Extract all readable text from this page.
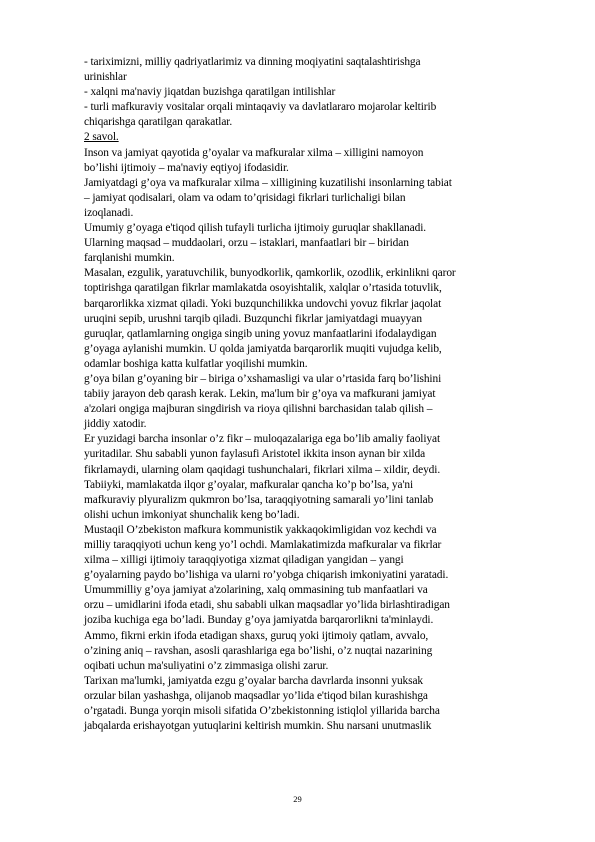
- tariximizni, milliy qadriyatlarimiz va dinning moqiyatini saqtalashtirishga
urinishlar
- xalqni ma'naviy jiqatdan buzishga qaratilgan intilishlar
- turli mafkuraviy vositalar orqali mintaqaviy va davlatlararo mojarolar keltirib
chiqarishga qaratilgan qarakatlar.
2 savol.
Inson va jamiyat qayotida g’oyalar va mafkuralar xilma – xilligini namoyon
bo’lishi ijtimoiy – ma'naviy eqtiyoj ifodasidir.
Jamiyatdagi g’oya va mafkuralar xilma – xilligining kuzatilishi insonlarning tabiat
– jamiyat qodisalari, olam va odam to’qrisidagi fikrlari turlichaligi bilan
izoqlanadi.
Umumiy g’oyaga e'tiqod qilish tufayli turlicha ijtimoiy guruqlar shakllanadi.
Ularning maqsad – muddaolari, orzu – istaklari, manfaatlari bir – biridan
farqlanishi mumkin.
Masalan, ezgulik, yaratuvchilik, bunyodkorlik, qamkorlik, ozodlik, erkinlikni qaror
toptirishga qaratilgan fikrlar mamlakatda osoyishtalik, xalqlar o’rtasida totuvlik,
barqarorlikka xizmat qiladi. Yoki buzqunchilikka undovchi yovuz fikrlar jaqolat
uruqini sepib, urushni tarqib qiladi. Buzqunchi fikrlar jamiyatdagi muayyan
guruqlar, qatlamlarning ongiga singib uning yovuz manfaatlarini ifodalaydigan
g’oyaga aylanishi mumkin. U qolda jamiyatda barqarorlik muqiti vujudga kelib,
odamlar boshiga katta kulfatlar yoqilishi mumkin.
g’oya bilan g’oyaning bir – biriga o’xshamasligi va ular o’rtasida farq bo’lishini
tabiiy jarayon deb qarash kerak. Lekin, ma'lum bir g’oya va mafkurani jamiyat
a'zolari ongiga majburan singdirish va rioya qilishni barchasidan talab qilish –
jiddiy xatodir.
Er yuzidagi barcha insonlar o’z fikr – muloqazalariga ega bo’lib amaliy faoliyat
yuritadilar. Shu sababli yunon faylasufi Aristotel ikkita inson aynan bir xilda
fikrlamaydi, ularning olam qaqidagi tushunchalari, fikrlari xilma – xildir, deydi.
Tabiiyki, mamlakatda ilqor g’oyalar, mafkuralar qancha ko’p bo’lsa, ya'ni
mafkuraviy plyuralizm qukmron bo’lsa, taraqqiyotning samarali yo’lini tanlab
olishi uchun imkoniyat shunchalik keng bo’ladi.
Mustaqil O’zbekiston mafkura kommunistik yakkaqokimligidan voz kechdi va
milliy taraqqiyoti uchun keng yo’l ochdi. Mamlakatimizda mafkuralar va fikrlar
xilma – xilligi ijtimoiy taraqqiyotiga xizmat qiladigan yangidan – yangi
g’oyalarning paydo bo’lishiga va ularni ro’yobga chiqarish imkoniyatini yaratadi.
Umummilliy g’oya jamiyat a'zolarining, xalq ommasining tub manfaatlari va
orzu – umidlarini ifoda etadi, shu sababli ulkan maqsadlar yo’lida birlashtiradigan
joziba kuchiga ega bo’ladi. Bunday g’oya jamiyatda barqarorlikni ta'minlaydi.
Ammo, fikrni erkin ifoda etadigan shaxs, guruq yoki ijtimoiy qatlam, avvalo,
o’zining aniq – ravshan, asosli qarashlariga ega bo’lishi, o’z nuqtai nazarining
oqibati uchun ma'suliyatini o’z zimmasiga olishi zarur.
Tarixan ma'lumki, jamiyatda ezgu g’oyalar barcha davrlarda insonni yuksak
orzular bilan yashashga, olijanob maqsadlar yo’lida e'tiqod bilan kurashishga
o’rgatadi. Bunga yorqin misoli sifatida O’zbekistonning istiqlol yillarida barcha
jabqalarda erishayotgan yutuqlarini keltirish mumkin. Shu narsani unutmaslik
29
